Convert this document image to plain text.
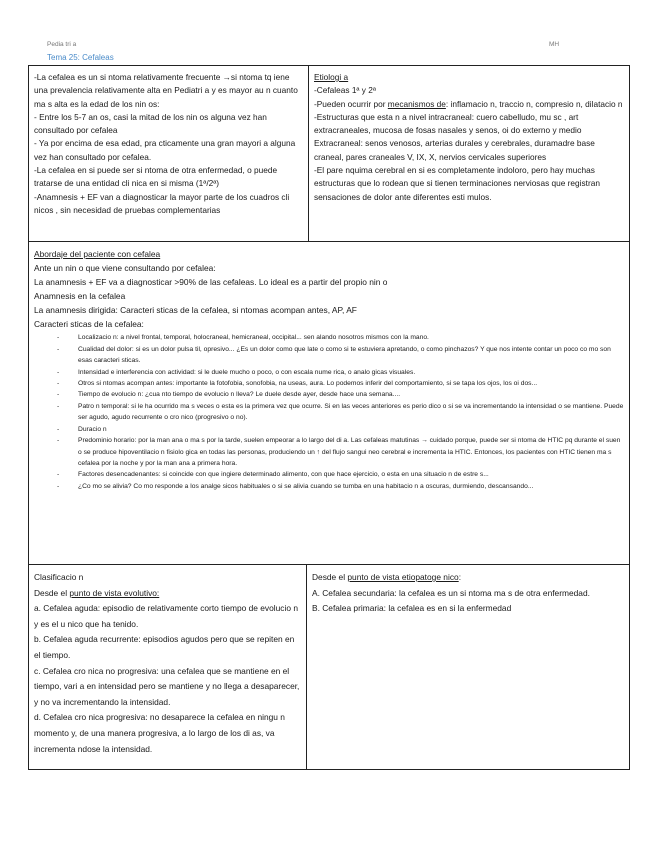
Pedia tri a	MH
Tema 25: Cefaleas
-La cefalea es un si ntoma relativamente frecuente →si ntoma tq iene una prevalencia relativamente alta en Pediatri a y es mayor au n cuanto ma s alta es la edad de los nin os:
- Entre los 5-7 an os, casi la mitad de los nin os alguna vez han consultado por cefalea
- Ya por encima de esa edad, pra cticamente una gran mayori a alguna vez han consultado por cefalea.
-La cefalea en si puede ser si ntoma de otra enfermedad, o puede tratarse de una entidad cli nica en si misma (1ª/2ª)
-Anamnesis + EF van a diagnosticar la mayor parte de los cuadros cli nicos , sin necesidad de pruebas complementarias
Etiologi a
-Cefaleas 1ª y 2ª
-Pueden ocurrir por mecanismos de: inflamacio n, traccio n, compresio n, dilatacio n
-Estructuras que esta n a nivel intracraneal: cuero cabelludo, mu sc , art extracraneales, mucosa de fosas nasales y senos, oi do externo y medio
Extracraneal: senos venosos, arterias durales y cerebrales, duramadre base craneal, pares craneales V, IX, X, nervios cervicales superiores
-El pare nquima cerebral en si es completamente indoloro, pero hay muchas estructuras que lo rodean que si tienen terminaciones nerviosas que registran sensaciones de dolor ante diferentes esti mulos.
Abordaje del paciente con cefalea
Ante un nin o que viene consultando por cefalea:
La anamnesis + EF va a diagnosticar >90% de las cefaleas. Lo ideal es a partir del propio nin o
Anamnesis en la cefalea
La anamnesis dirigida: Caracteri sticas de la cefalea, si ntomas acompan antes, AP, AF
Caracteri sticas de la cefalea:
- Localizacio n: a nivel frontal, temporal, holocraneal, hemicraneal, occipital... sen alando nosotros mismos con la mano.
- Cualidad del dolor: si es un dolor pulsa til, opresivo... ¿Es un dolor como que late o como si te estuviera apretando, o como pinchazos? Y que nos intente contar un poco co mo son esas caracteri sticas.
- Intensidad e interferencia con actividad: si le duele mucho o poco, o con escala nume rica, o analo gicas visuales.
- Otros si ntomas acompan antes: importante la fotofobia, sonofobia, na useas, aura. Lo podemos inferir del comportamiento, si se tapa los ojos, los oi dos...
- Tiempo de evolucio n: ¿cua nto tiempo de evolucio n lleva? Le duele desde ayer, desde hace una semana....
- Patro n temporal: si le ha ocurrido ma s veces o esta es la primera vez que ocurre. Si en las veces anteriores es perio dico o si se va incrementando la intensidad o se mantiene. Puede ser agudo, agudo recurrente o cro nico (progresivo o no).
- Duracio n
- Predominio horario: por la man ana o ma s por la tarde, suelen empeorar a lo largo del di a. Las cefaleas matutinas → cuidado porque, puede ser si ntoma de HTIC pq durante el suen o se produce hipoventilacio n fisiolo gica en todas las personas, produciendo un ↑ del flujo sangui neo cerebral e incrementa la HTIC. Entonces, los pacientes con HTIC tienen ma s cefalea por la noche y por la man ana a primera hora.
- Factores desencadenantes: si coincide con que ingiere determinado alimento, con que hace ejercicio, o esta en una situacio n de estre s...
- ¿Co mo se alivia? Co mo responde a los analge sicos habituales o si se alivia cuando se tumba en una habitacio n a oscuras, durmiendo, descansando...
Clasificacio n
Desde el punto de vista evolutivo:
a. Cefalea aguda: episodio de relativamente corto tiempo de evolucio n y es el u nico que ha tenido.
b. Cefalea aguda recurrente: episodios agudos pero que se repiten en el tiempo.
c. Cefalea cro nica no progresiva: una cefalea que se mantiene en el tiempo, vari a en intensidad pero se mantiene y no llega a desaparecer, y no va incrementando la intensidad.
d. Cefalea cro nica progresiva: no desaparece la cefalea en ningu n momento y, de una manera progresiva, a lo largo de los di as, va incrementa ndose la intensidad.
Desde el punto de vista etiopatoge nico:
A. Cefalea secundaria: la cefalea es un si ntoma ma s de otra enfermedad.
B. Cefalea primaria: la cefalea es en si la enfermedad
